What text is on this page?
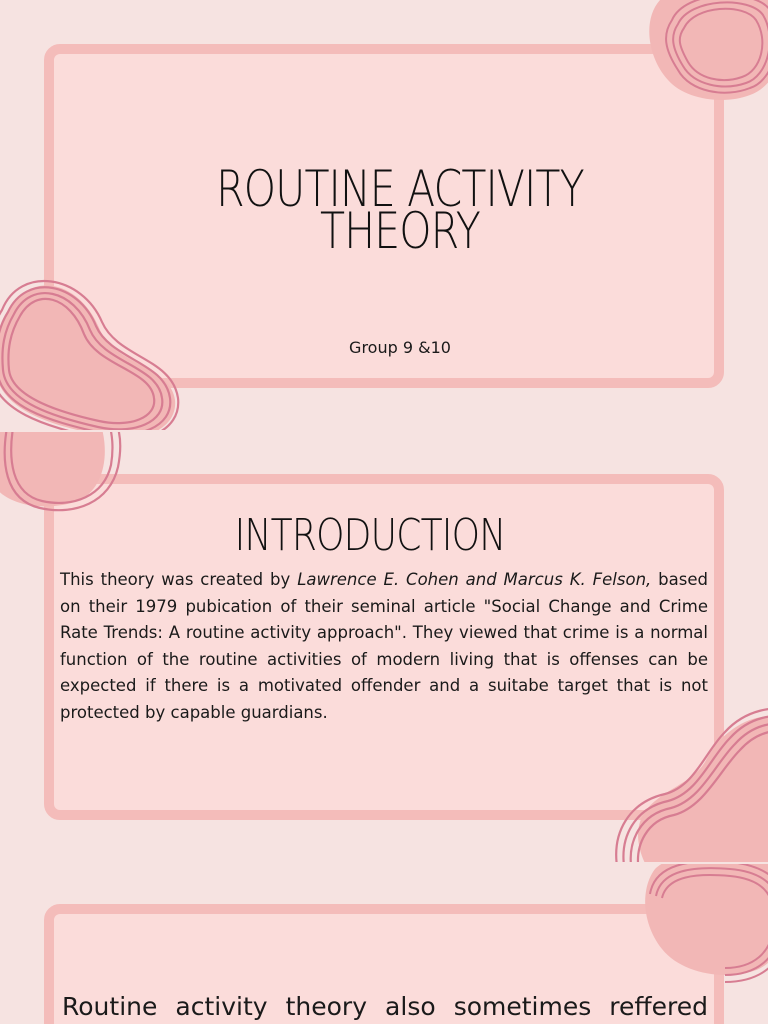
ROUTINE ACTIVITY
THEORY
Group 9 &10
INTRODUCTION

This theory was created by Lawrence E. Cohen and Marcus K. Felson, based on their 1979 pubication of their seminal article "Social Change and Crime Rate Trends: A routine activity approach". They viewed that crime is a normal function of the routine activities of modern living that is offenses can be expected if there is a motivated offender and a suitabe target that is not protected by capable guardians.

Routine activity theory also sometimes reffered
